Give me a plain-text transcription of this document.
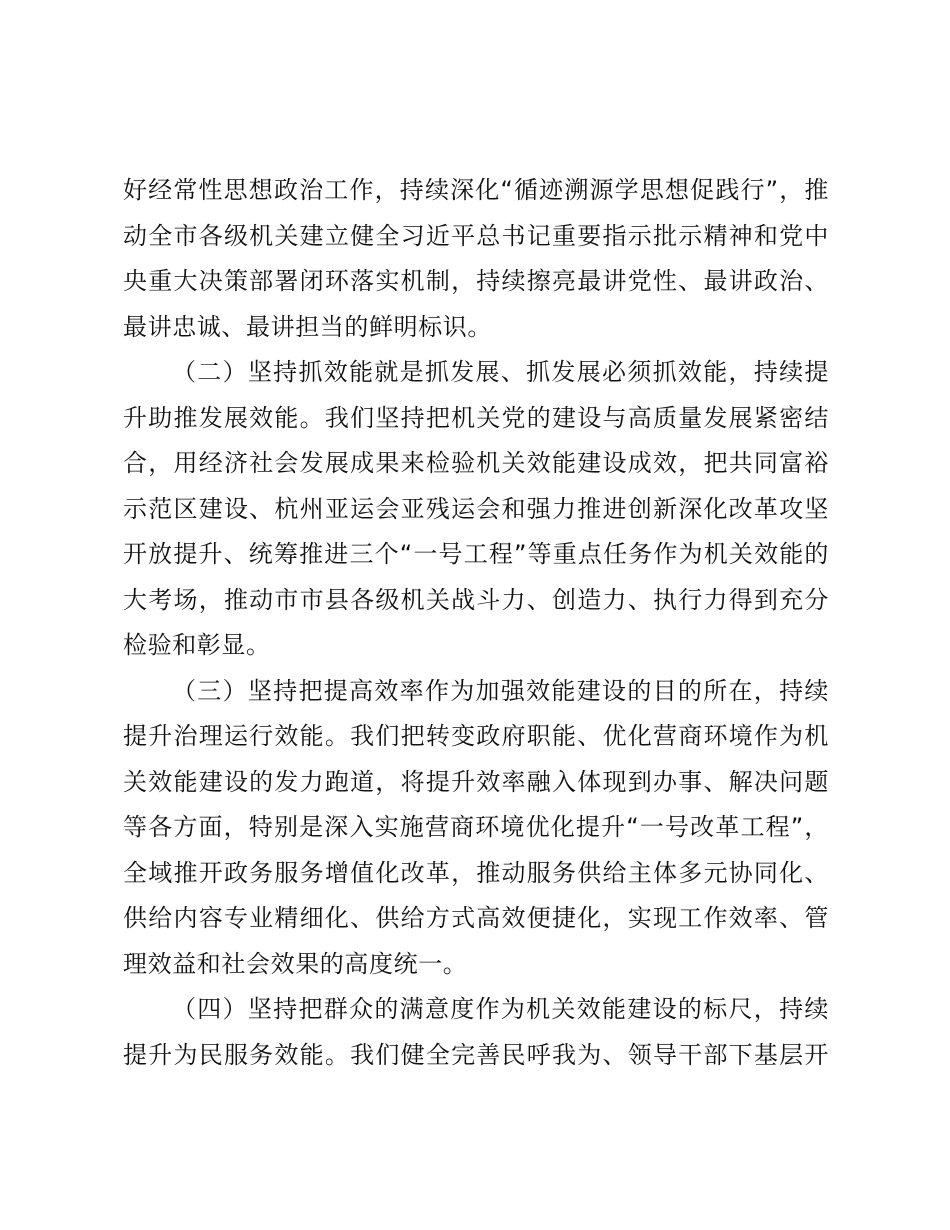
好经常性思想政治工作，持续深化“循迹溯源学思想促践行”，推
动全市各级机关建立健全习近平总书记重要指示批示精神和党中
央重大决策部署闭环落实机制，持续擦亮最讲党性、最讲政治、
最讲忠诚、最讲担当的鲜明标识。
（二）坚持抓效能就是抓发展、抓发展必须抓效能，持续提
升助推发展效能。我们坚持把机关党的建设与高质量发展紧密结
合，用经济社会发展成果来检验机关效能建设成效，把共同富裕
示范区建设、杭州亚运会亚残运会和强力推进创新深化改革攻坚
开放提升、统筹推进三个“一号工程”等重点任务作为机关效能的
大考场，推动市市县各级机关战斗力、创造力、执行力得到充分
检验和彰显。
（三）坚持把提高效率作为加强效能建设的目的所在，持续
提升治理运行效能。我们把转变政府职能、优化营商环境作为机
关效能建设的发力跑道，将提升效率融入体现到办事、解决问题
等各方面，特别是深入实施营商环境优化提升“一号改革工程”，
全域推开政务服务增值化改革，推动服务供给主体多元协同化、
供给内容专业精细化、供给方式高效便捷化，实现工作效率、管
理效益和社会效果的高度统一。
（四）坚持把群众的满意度作为机关效能建设的标尺，持续
提升为民服务效能。我们健全完善民呼我为、领导干部下基层开
